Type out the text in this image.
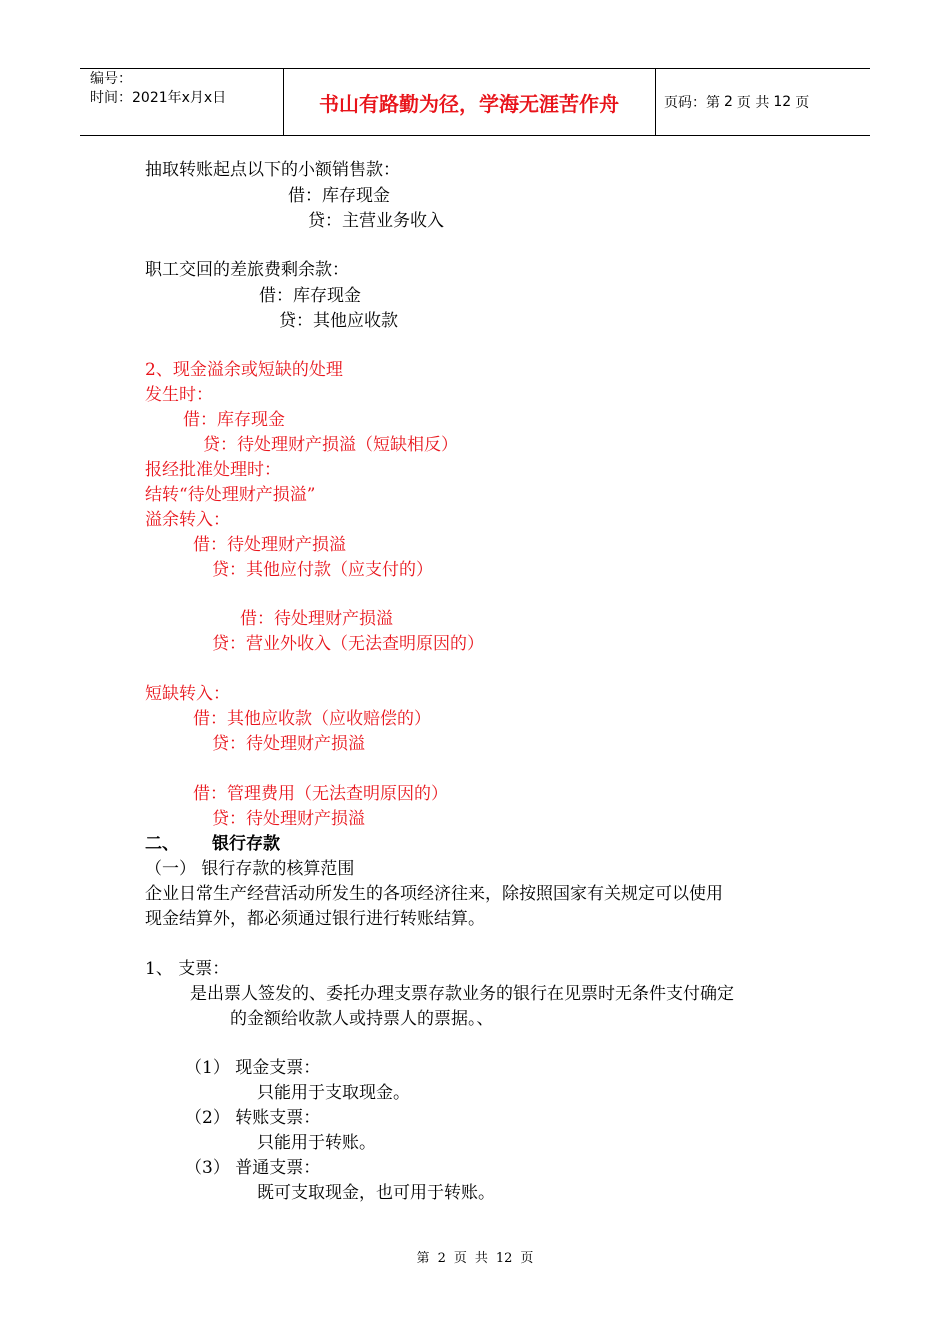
编号：
时间：2021年x月x日	书山有路勤为径，学海无涯苦作舟	页码：第 2 页 共 12 页
抽取转账起点以下的小额销售款：
借：库存现金
贷：主营业务收入
职工交回的差旅费剩余款：
借：库存现金
贷：其他应收款
2、现金溢余或短缺的处理
发生时：
借：库存现金
贷：待处理财产损溢（短缺相反）
报经批准处理时：
结转“待处理财产损溢”
溢余转入：
借：待处理财产损溢
贷：其他应付款（应支付的）
借：待处理财产损溢
贷：营业外收入（无法查明原因的）
短缺转入：
借：其他应收款（应收赔偿的）
贷：待处理财产损溢
借：管理费用（无法查明原因的）
贷：待处理财产损溢
二、 银行存款
（一） 银行存款的核算范围
企业日常生产经营活动所发生的各项经济往来，除按照国家有关规定可以使用
现金结算外，都必须通过银行进行转账结算。
1、 支票：
是出票人签发的、委托办理支票存款业务的银行在见票时无条件支付确定
的金额给收款人或持票人的票据。、
（1） 现金支票：
只能用于支取现金。
（2） 转账支票：
只能用于转账。
（3） 普通支票：
既可支取现金，也可用于转账。
第 2 页 共 12 页
